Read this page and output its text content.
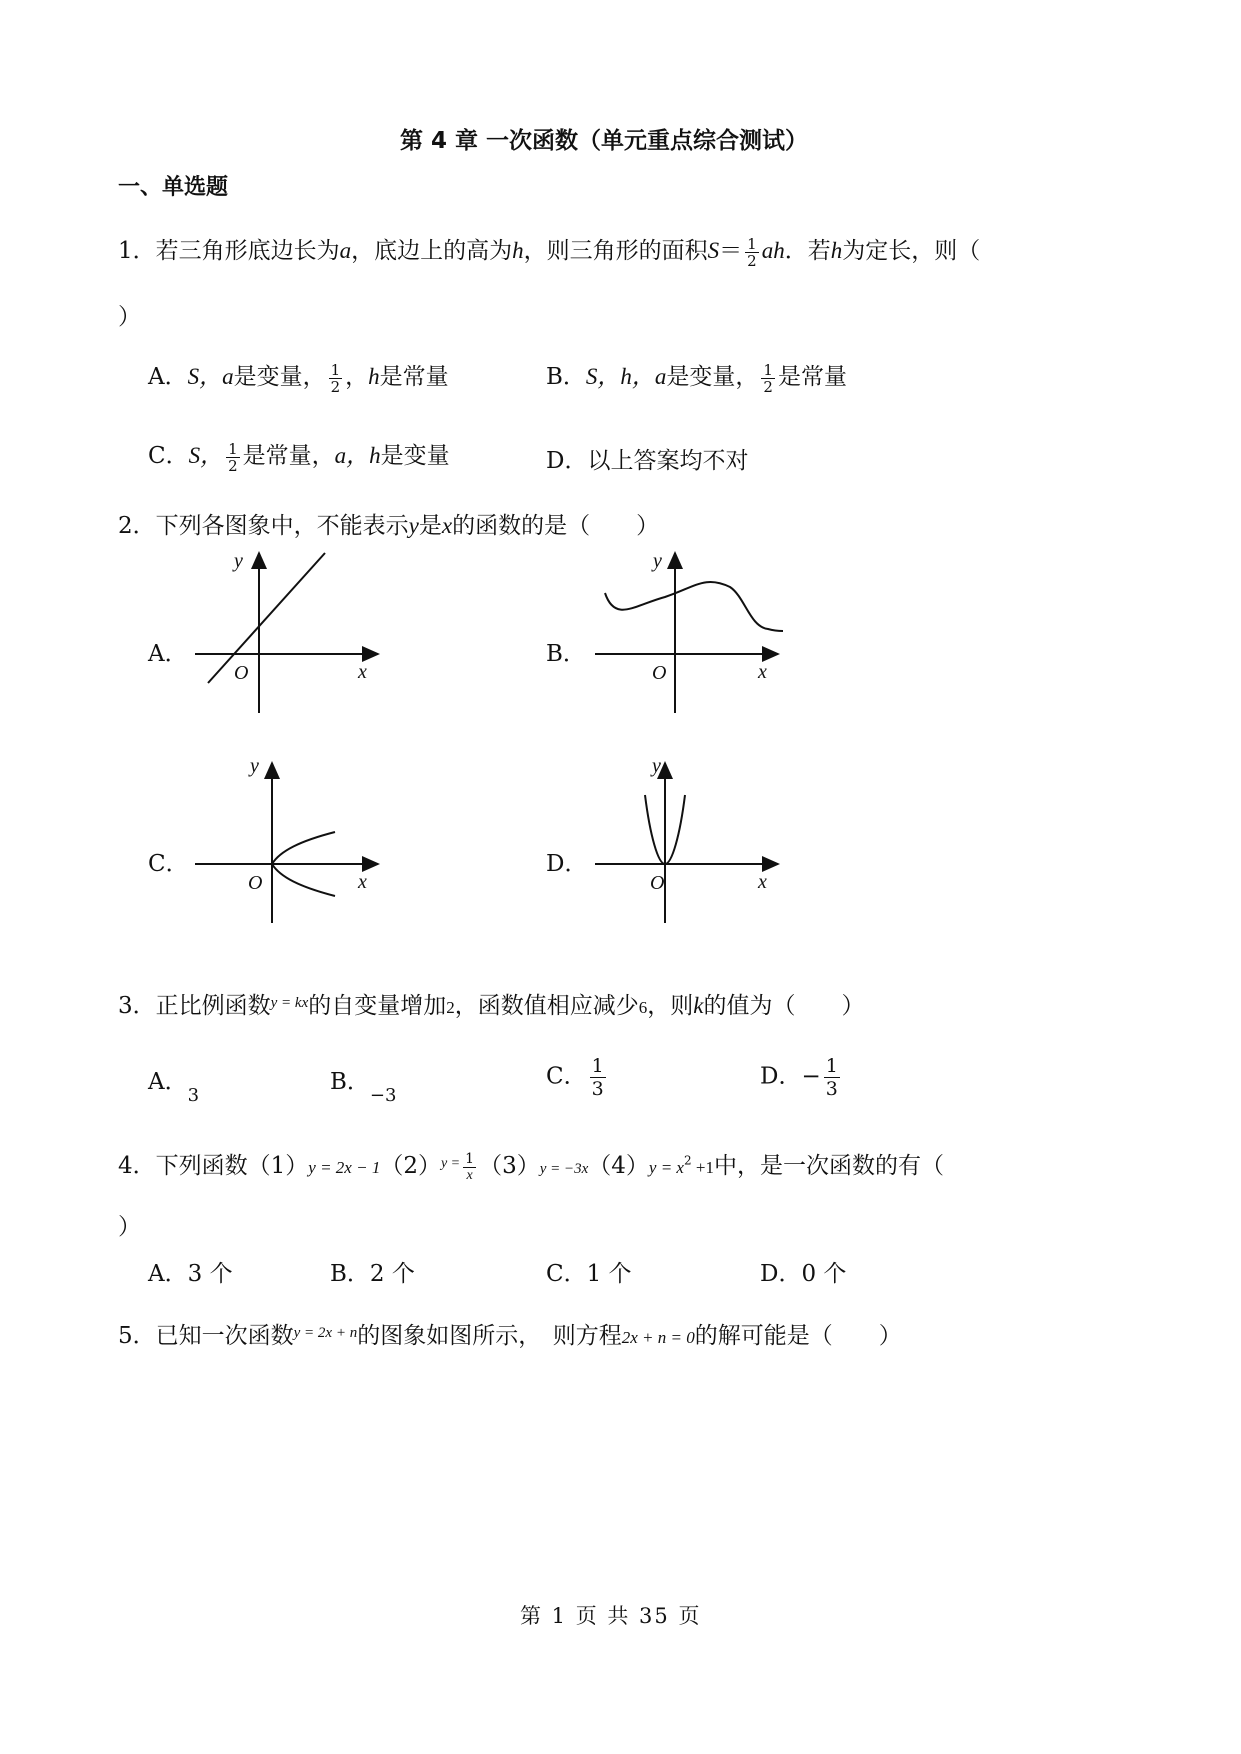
第 4 章 一次函数（单元重点综合测试）
一、单选题
1．若三角形底边长为a，底边上的高为h，则三角形的面积$S= \frac{1}{2}$ ah．若h为定长，则（
）
A．S，a是变量， $\frac{1}{2}$ ，h是常量	B．S，h，a是变量， $\frac{1}{2}$ 是常量
C．S， $\frac{1}{2}$ 是常量，a，h是变量	D．以上答案均不对
2．下列各图象中，不能表示y是x的函数的是（　　）
A．
y
O	x
B．
y
O	x
C．
y
O	x
D．
y
O	x
3．正比例函数$^{y = kx}$的自变量增加2，函数值相应减少6，则k的值为（　　）
A．$_3$
B．$_{-3}$
C． $\frac{1}{3}$	D．− $\frac{1}{3}$
4．下列函数$(1)y = 2x - 1(2)^{y =} \frac{1}{x} (3)y = -3x(4)y = x^2 +1$中，是一次函数的有（
）
A．3 个	B．2 个	C．1 个	D．0 个
5．已知一次函数$^{y = 2x + n}$的图象如图所示，　则方程2x + n = 0的解可能是（　　）
第 1 页 共 35 页
